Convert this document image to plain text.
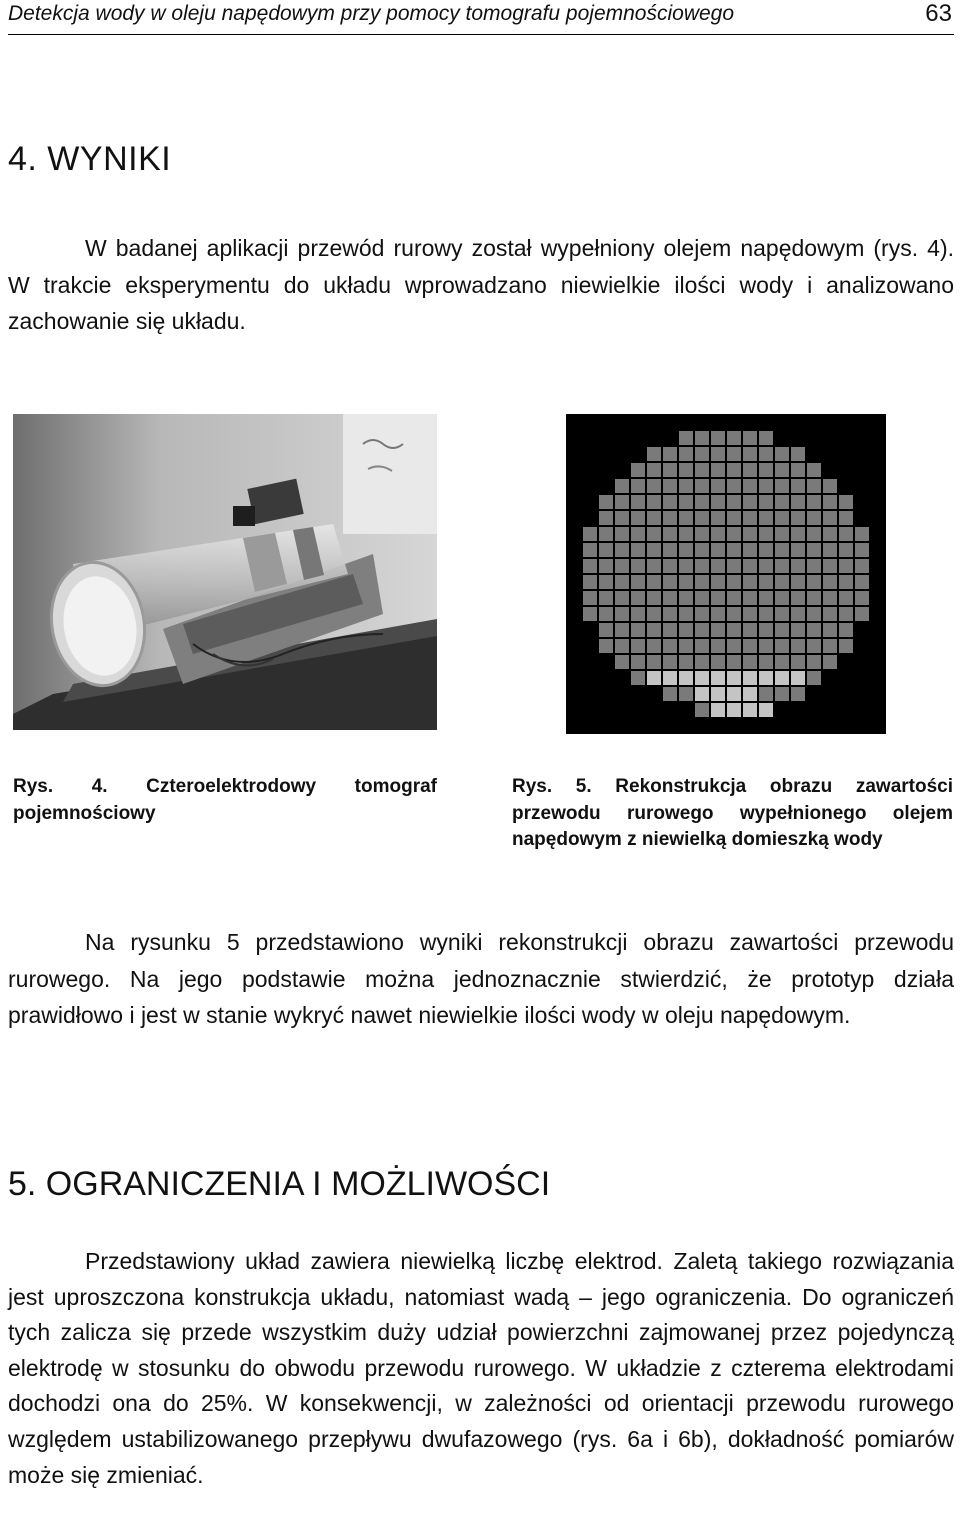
Detekcja wody w oleju napędowym przy pomocy tomografu pojemnościowego	63
4. WYNIKI

W badanej aplikacji przewód rurowy został wypełniony olejem napędowym (rys. 4). W trakcie eksperymentu do układu wprowadzano niewielkie ilości wody i analizowano zachowanie się układu.

Rys. 4. Czteroelektrodowy tomograf pojemnościowy

Rys. 5. Rekonstrukcja obrazu zawartości przewodu rurowego wypełnionego olejem napędowym z niewielką domieszką wody

Na rysunku 5 przedstawiono wyniki rekonstrukcji obrazu zawartości przewodu rurowego. Na jego podstawie można jednoznacznie stwierdzić, że prototyp działa prawidłowo i jest w stanie wykryć nawet niewielkie ilości wody w oleju napędowym.

5. OGRANICZENIA I MOŻLIWOŚCI

Przedstawiony układ zawiera niewielką liczbę elektrod. Zaletą takiego rozwiązania jest uproszczona konstrukcja układu, natomiast wadą – jego ograniczenia. Do ograniczeń tych zalicza się przede wszystkim duży udział powierzchni zajmowanej przez pojedynczą elektrodę w stosunku do obwodu przewodu rurowego. W układzie z czterema elektrodami dochodzi ona do 25%. W konsekwencji, w zależności od orientacji przewodu rurowego względem ustabilizowanego przepływu dwufazowego (rys. 6a i 6b), dokładność pomiarów może się zmieniać.
